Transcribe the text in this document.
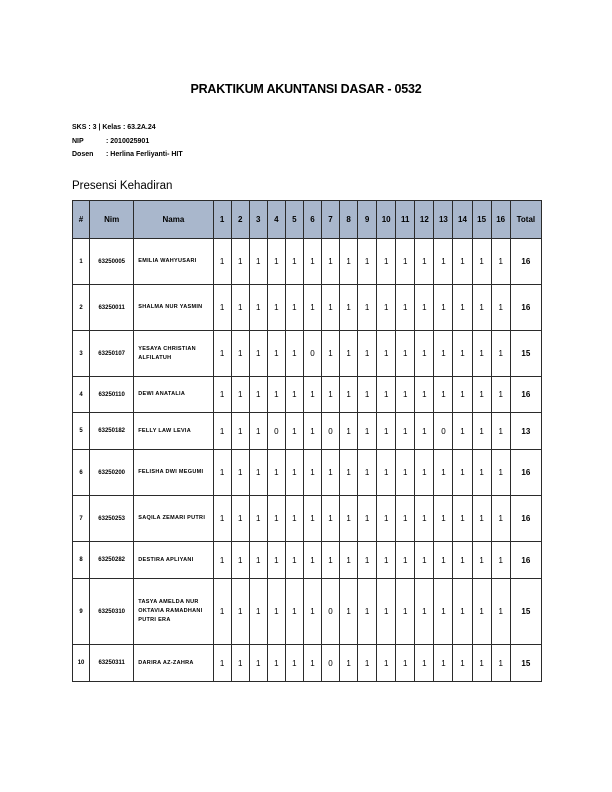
PRAKTIKUM AKUNTANSI DASAR - 0532
SKS : 3 | Kelas : 63.2A.24
NIP	: 2010025901
Dosen	: Herlina Ferliyanti- HIT
Presensi Kehadiran
#	Nim	Nama	1	2	3	4	5	6	7	8	9	10	11	12	13	14	15	16	Total
1	63250005	EMILIA WAHYUSARI	1	1	1	1	1	1	1	1	1	1	1	1	1	1	1	1	16
2	63250011	SHALMA NUR YASMIN	1	1	1	1	1	1	1	1	1	1	1	1	1	1	1	1	16
3	63250107	YESAYA CHRISTIAN ALFILATUH	1	1	1	1	1	0	1	1	1	1	1	1	1	1	1	1	15
4	63250110	DEWI ANATALIA	1	1	1	1	1	1	1	1	1	1	1	1	1	1	1	1	16
5	63250182	FELLY LAW LEVIA	1	1	1	0	1	1	0	1	1	1	1	1	0	1	1	1	13
6	63250200	FELISHA DWI MEGUMI	1	1	1	1	1	1	1	1	1	1	1	1	1	1	1	1	16
7	63250253	SAQILA ZEMARI PUTRI	1	1	1	1	1	1	1	1	1	1	1	1	1	1	1	1	16
8	63250282	DESTIRA APLIYANI	1	1	1	1	1	1	1	1	1	1	1	1	1	1	1	1	16
9	63250310	TASYA AMELDA NUR OKTAVIA RAMADHANI PUTRI ERA	1	1	1	1	1	1	0	1	1	1	1	1	1	1	1	1	15
10	63250311	DARIRA AZ-ZAHRA	1	1	1	1	1	1	0	1	1	1	1	1	1	1	1	1	15
